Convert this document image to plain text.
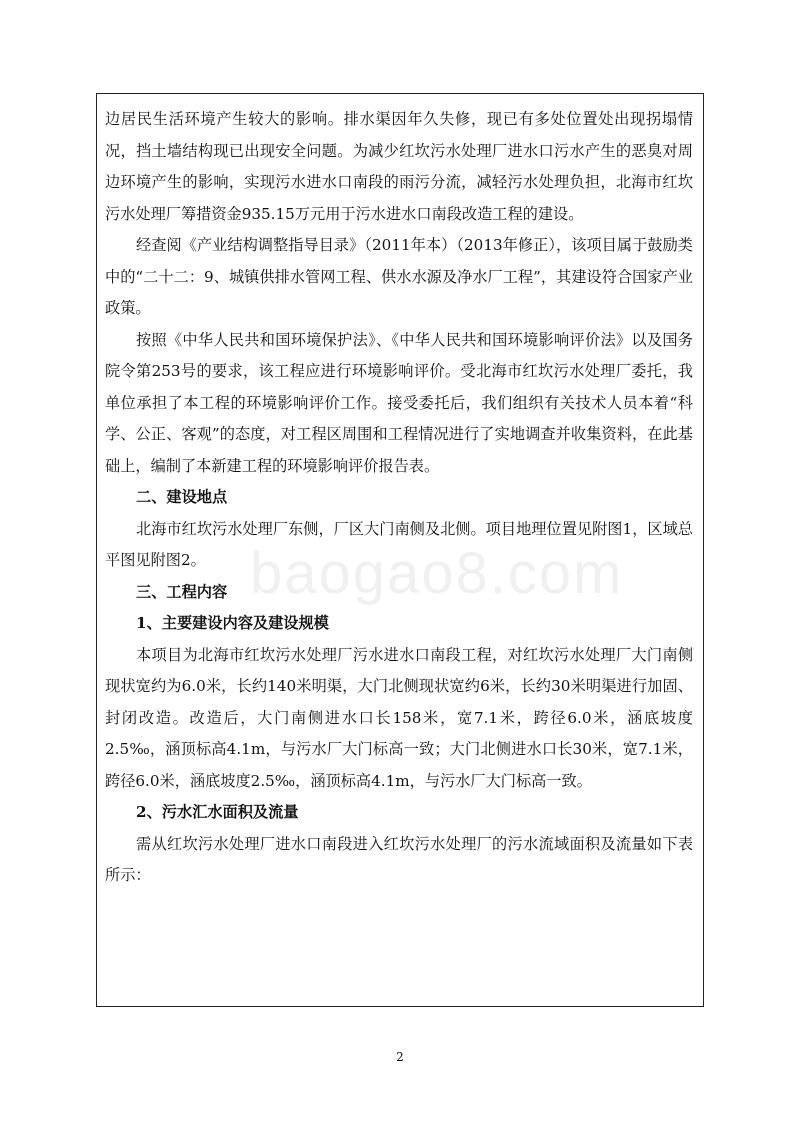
边居民生活环境产生较大的影响。排水渠因年久失修，现已有多处位置处出现拐塌情况，挡土墙结构现已出现安全问题。为减少红坎污水处理厂进水口污水产生的恶臭对周边环境产生的影响，实现污水进水口南段的雨污分流，减轻污水处理负担，北海市红坎污水处理厂筹措资金935.15万元用于污水进水口南段改造工程的建设。

经查阅《产业结构调整指导目录》（2011年本）（2013年修正），该项目属于鼓励类中的“二十二：9、城镇供排水管网工程、供水水源及净水厂工程”，其建设符合国家产业政策。

按照《中华人民共和国环境保护法》、《中华人民共和国环境影响评价法》以及国务院令第253号的要求，该工程应进行环境影响评价。受北海市红坎污水处理厂委托，我单位承担了本工程的环境影响评价工作。接受委托后，我们组织有关技术人员本着“科学、公正、客观”的态度，对工程区周围和工程情况进行了实地调查并收集资料，在此基础上，编制了本新建工程的环境影响评价报告表。

二、建设地点

北海市红坎污水处理厂东侧，厂区大门南侧及北侧。项目地理位置见附图1，区域总平图见附图2。

三、工程内容

1、主要建设内容及建设规模

本项目为北海市红坎污水处理厂污水进水口南段工程，对红坎污水处理厂大门南侧现状宽约为6.0米，长约140米明渠，大门北侧现状宽约6米，长约30米明渠进行加固、封闭改造。改造后，大门南侧进水口长158米，宽7.1米，跨径6.0米，涵底坡度2.5‰，涵顶标高4.1m，与污水厂大门标高一致；大门北侧进水口长30米，宽7.1米，跨径6.0米，涵底坡度2.5‰，涵顶标高4.1m，与污水厂大门标高一致。

2、污水汇水面积及流量

需从红坎污水处理厂进水口南段进入红坎污水处理厂的污水流域面积及流量如下表所示：

baogao8.com
2
